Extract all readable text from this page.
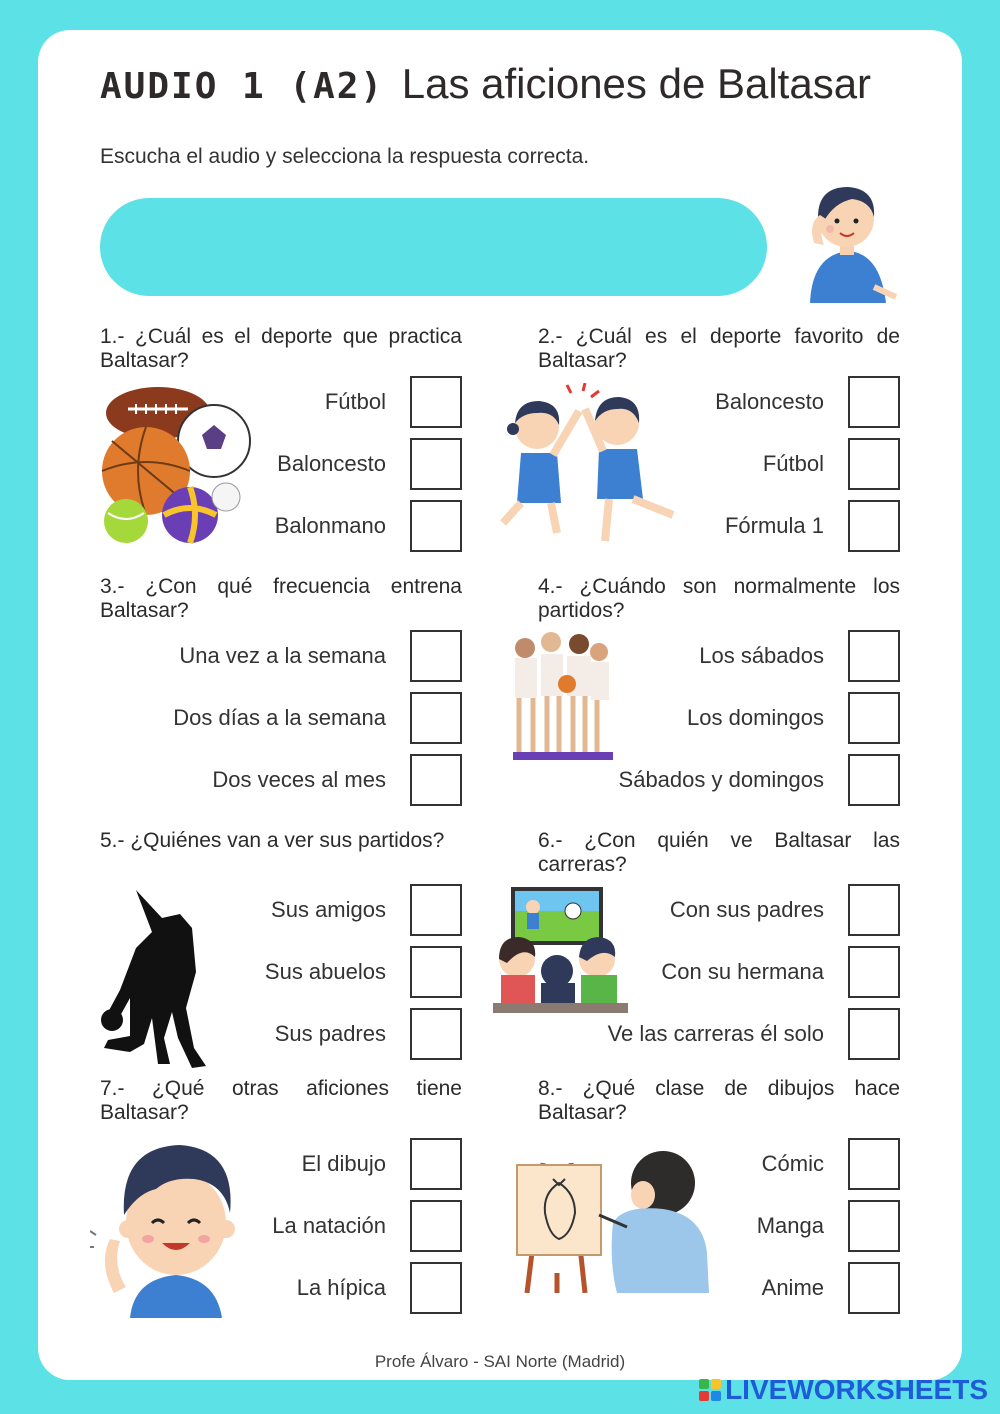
AUDIO 1 (A2) Las aficiones de Baltasar
Escucha el audio y selecciona la respuesta correcta.

1.- ¿Cuál es el deporte que practica Baltasar?

2.- ¿Cuál es el deporte favorito de Baltasar?

3.- ¿Con qué frecuencia entrena Baltasar?

4.- ¿Cuándo son normalmente los partidos?

5.- ¿Quiénes van a ver sus partidos?	6.- ¿Con quién ve Baltasar las carreras?

7.- ¿Qué otras aficiones tiene Baltasar?

8.- ¿Qué clase de dibujos hace Baltasar?

Fútbol
Baloncesto
Balonmano
Baloncesto
Fútbol
Fórmula 1
Una vez a la semana
Dos días a la semana
Dos veces al mes
Los sábados
Los domingos
Sábados y domingos
Sus amigos
Sus abuelos
Sus padres
Con sus padres
Con su hermana
Ve las carreras él solo
El dibujo
La natación
La hípica
Cómic
Manga
Anime
Profe Álvaro - SAI Norte (Madrid)
LIVEWORKSHEETS
